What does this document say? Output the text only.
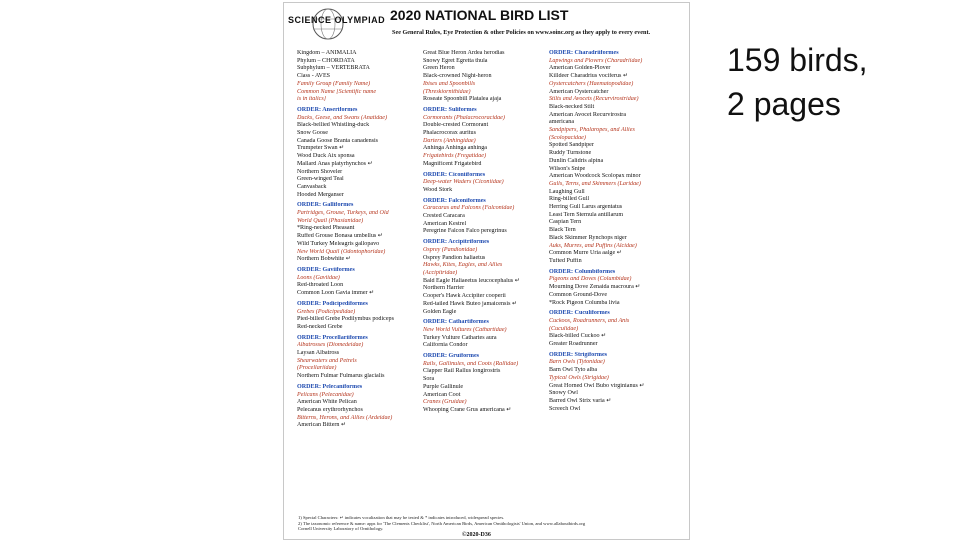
SCIENCE OLYMPIAD 2020 NATIONAL BIRD LIST
See General Rules, Eye Protection & other Policies on www.soinc.org as they apply to every event.
Kingdom – ANIMALIA
Phylum – CHORDATA
Subphylum – VERTEBRATA
Class - AVES
Family Group (Family Name)
Common Name [Scientific name
is in italics]
ORDER: Anseriformes
Ducks, Geese, and Swans (Anatidae)
Black-bellied Whistling-duck
Snow Goose
Canada Goose Branta canadensis
Trumpeter Swan ↵
Wood Duck Aix sponsa
Mallard Anas platyrhynchos ↵
Northern Shoveler
Green-winged Teal
Canvasback
Hooded Merganser
ORDER: Galliformes
Partridges, Grouse, Turkeys, and Old
World Quail (Phasianidae)
*Ring-necked Pheasant
Ruffed Grouse Bonasa umbellus ↵
Wild Turkey Meleagris gallopavo
New World Quail (Odontophoridae)
Northern Bobwhite ↵
ORDER: Gaviiformes
Loons (Gaviidae)
Red-throated Loon
Common Loon Gavia immer ↵
ORDER: Podicipediformes
Grebes (Podicipedidae)
Pied-billed Grebe Podilymbus podiceps
Red-necked Grebe
ORDER: Procellariiformes
Albatrosses (Diomedeidae)
Laysan Albatross
Shearwaters and Petrels
(Procellariidae)
Northern Fulmar Fulmarus glacialis
ORDER: Pelecaniformes
Pelicans (Pelecanidae)
American White Pelican
Pelecanus erythrorhynchos
Bitterns, Herons, and Allies (Ardeidae)
American Bittern ↵
Great Blue Heron Ardea herodias
Snowy Egret Egretta thula
Green Heron
Black-crowned Night-heron
Ibises and Spoonbills
(Threskiornithidae)
Roseate Spoonbill Platalea ajaja
ORDER: Suliformes
Cormorants (Phalacrocoracidae)
Double-crested Cormorant
Phalacrocorax auritus
Darters (Anhingidae)
Anhinga Anhinga anhinga
Frigatebirds (Fregatidae)
Magnificent Frigatebird
ORDER: Ciconiiformes
Deep-water Waders (Ciconiidae)
Wood Stork
ORDER: Falconiformes
Caracaras and Falcons (Falconidae)
Crested Caracara
American Kestrel
Peregrine Falcon Falco peregrinus
ORDER: Accipitriformes
Osprey (Pandionidae)
Osprey Pandion haliaetus
Hawks, Kites, Eagles, and Allies
(Accipitridae)
Bald Eagle Haliaeetus leucocephalus ↵
Northern Harrier
Cooper's Hawk Accipiter cooperii
Red-tailed Hawk Buteo jamaicensis ↵
Golden Eagle
ORDER: Cathartiformes
New World Vultures (Cathartidae)
Turkey Vulture Cathartes aura
California Condor
ORDER: Gruiformes
Rails, Gallinules, and Coots (Rallidae)
Clapper Rail Rallus longirostris
Sora
Purple Gallinule
American Coot
Cranes (Gruidae)
Whooping Crane Grus americana ↵
ORDER: Charadriiformes
Lapwings and Plovers (Charadriidae)
American Golden-Plover
Killdeer Charadrius vociferus ↵
Oystercatchers (Haematopodidae)
American Oystercatcher
Stilts and Avocets (Recurvirostridae)
Black-necked Stilt
American Avocet Recurvirostra
americana
Sandpipers, Phalaropes, and Allies
(Scolopacidae)
Spotted Sandpiper
Ruddy Turnstone
Dunlin Calidris alpina
Wilson's Snipe
American Woodcock Scolopax minor
Gulls, Terns, and Skimmers (Laridae)
Laughing Gull
Ring-billed Gull
Herring Gull Larus argentatus
Least Tern Sternula antillarum
Caspian Tern
Black Tern
Black Skimmer Rynchops niger
Auks, Murres, and Puffins (Alcidae)
Common Murre Uria aalge ↵
Tufted Puffin
ORDER: Columbiformes
Pigeons and Doves (Columbidae)
Mourning Dove Zenaida macroura ↵
Common Ground-Dove
*Rock Pigeon Columba livia
ORDER: Cuculiformes
Cuckoos, Roadrunners, and Anis
(Cuculidae)
Black-billed Cuckoo ↵
Greater Roadrunner
ORDER: Strigiformes
Barn Owls (Tytonidae)
Barn Owl Tyto alba
Typical Owls (Strigidae)
Great Horned Owl Bubo virginianus ↵
Snowy Owl
Barred Owl Strix varia ↵
Screech Owl
1) Special Characters: ↵ indicates vocalization that may be tested & * indicates introduced, widespread species.
2) The taxonomic reference & name: apps for 'The Clements Checklist', North American Birds, American Ornithologists' Union, and www.allaboutbirds.org
Cornell University Laboratory of Ornithology.
©2020-D36
159 birds,
2 pages
